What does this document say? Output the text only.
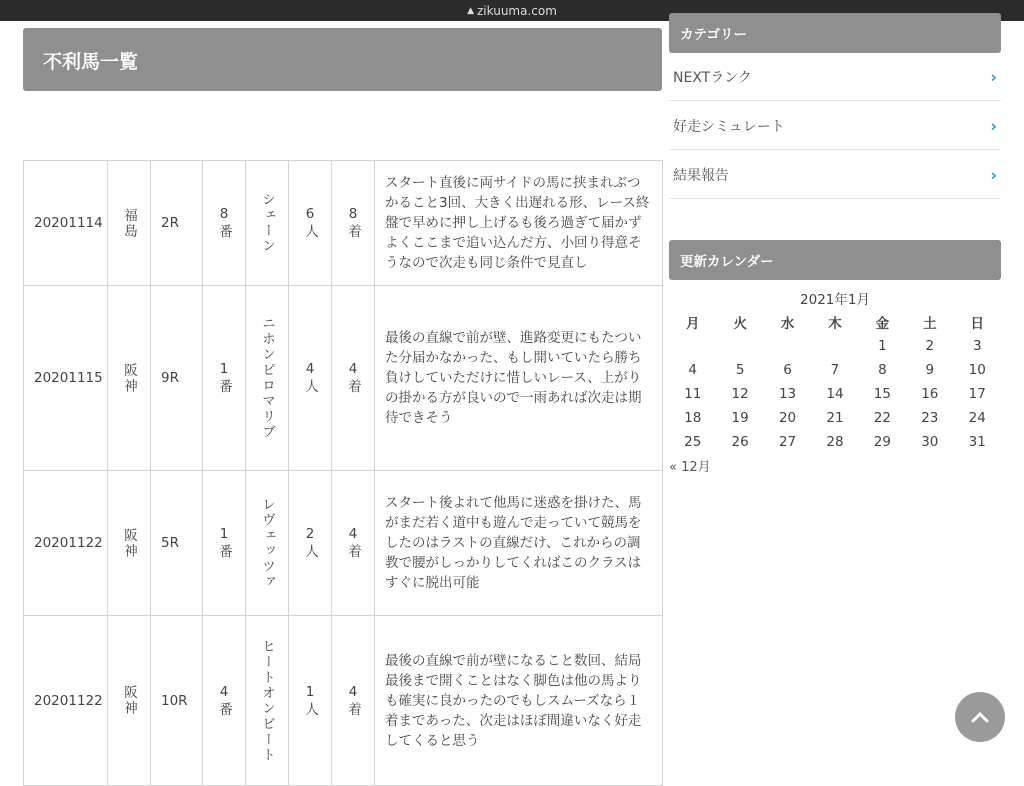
▲ zikuuma.com
不利馬一覧
20201114	福島	2R	8番	シェーン	6人	8着	スタート直後に両サイドの馬に挟まれぶつかること3回、大きく出遅れる形、レース終盤で早めに押し上げるも後ろ過ぎて届かずよくここまで追い込んだ方、小回り得意そうなので次走も同じ条件で見直し
20201115	阪神	9R	1番	ニホンピロマリブ	4人	4着	最後の直線で前が壁、進路変更にもたついた分届かなかった、もし開いていたら勝ち負けしていただけに惜しいレース、上がりの掛かる方が良いので一雨あれば次走は期待できそう
20201122	阪神	5R	1番	レヴェッツァ	2人	4着	スタート後よれて他馬に迷惑を掛けた、馬がまだ若く道中も遊んで走っていて競馬をしたのはラストの直線だけ、これからの調教で腰がしっかりしてくればこのクラスはすぐに脱出可能
20201122	阪神	10R	4番	ヒートオンビート	1人	4着	最後の直線で前が壁になること数回、結局最後まで開くことはなく脚色は他の馬よりも確実に良かったのでもしスムーズなら１着まであった、次走はほぼ間違いなく好走してくると思う
カテゴリー
NEXTランク	›
好走シミュレート	›
結果報告	›
更新カレンダー
2021年1月
月	火	水	木	金	土	日
				1	2	3
4	5	6	7	8	9	10
11	12	13	14	15	16	17
18	19	20	21	22	23	24
25	26	27	28	29	30	31
« 12月
